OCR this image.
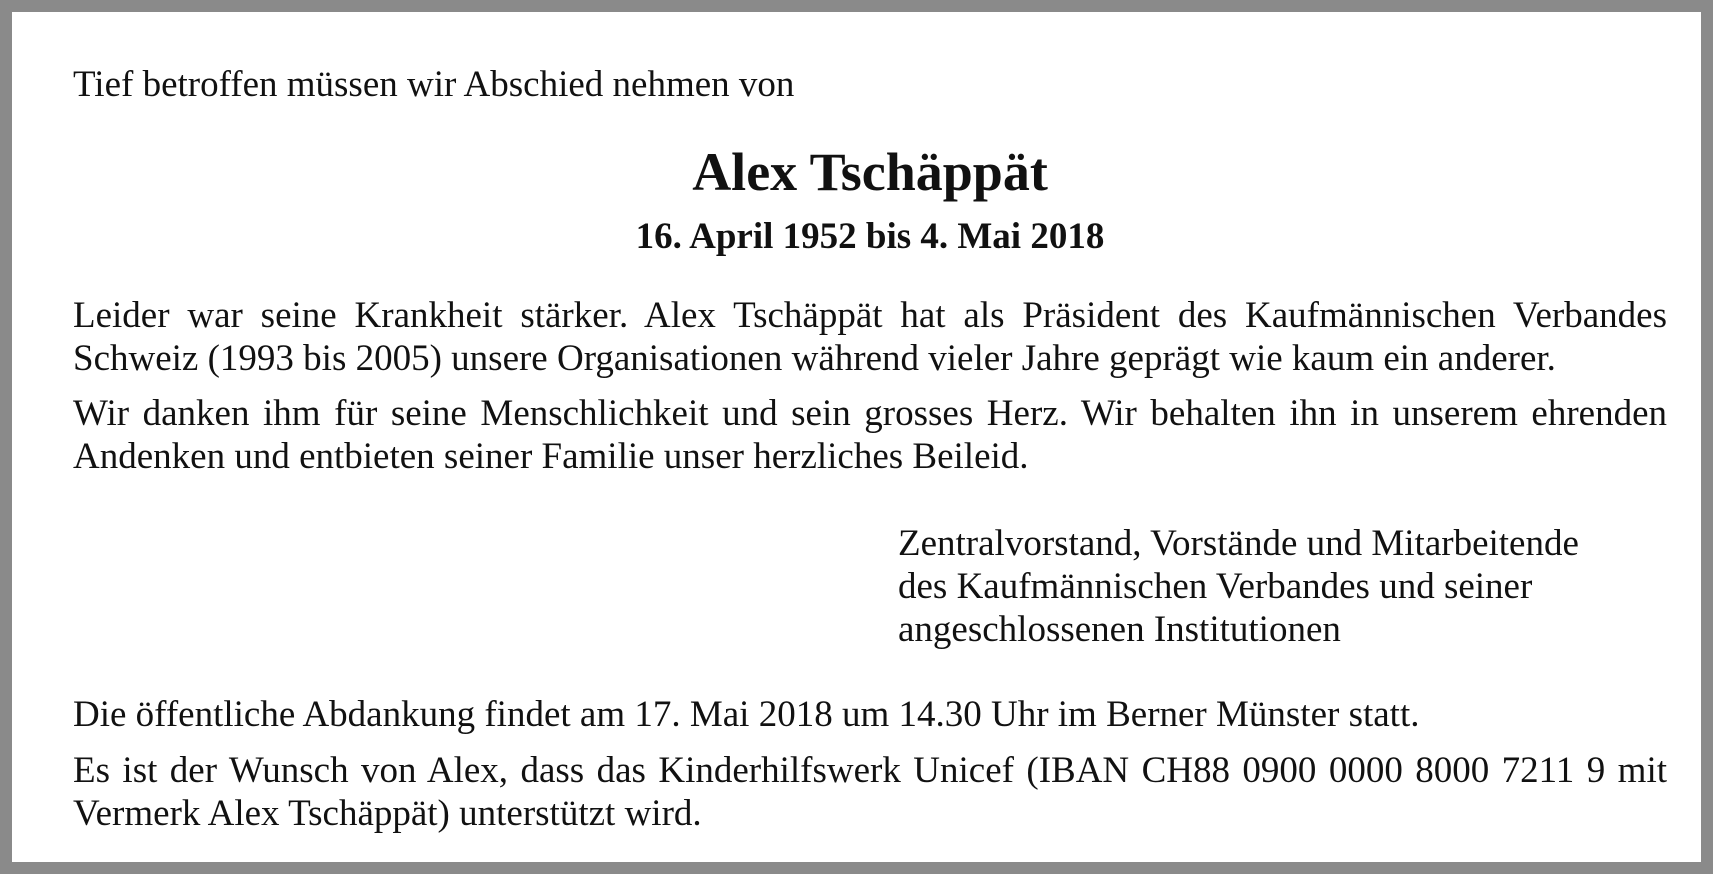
Tief betroffen müssen wir Abschied nehmen von
Alex Tschäppät
16. April 1952 bis 4. Mai 2018
Leider war seine Krankheit stärker. Alex Tschäppät hat als Präsident des Kaufmännischen Verbandes Schweiz (1993 bis 2005) unsere Organisationen während vieler Jahre geprägt wie kaum ein anderer.
Wir danken ihm für seine Menschlichkeit und sein grosses Herz. Wir behalten ihn in unserem ehrenden Andenken und entbieten seiner Familie unser herzliches Beileid.
Zentralvorstand, Vorstände und Mitarbeitende
des Kaufmännischen Verbandes und seiner
angeschlossenen Institutionen
Die öffentliche Abdankung findet am 17. Mai 2018 um 14.30 Uhr im Berner Münster statt.
Es ist der Wunsch von Alex, dass das Kinderhilfswerk Unicef (IBAN CH88 0900 0000 8000 7211 9 mit Vermerk Alex Tschäppät) unterstützt wird.
